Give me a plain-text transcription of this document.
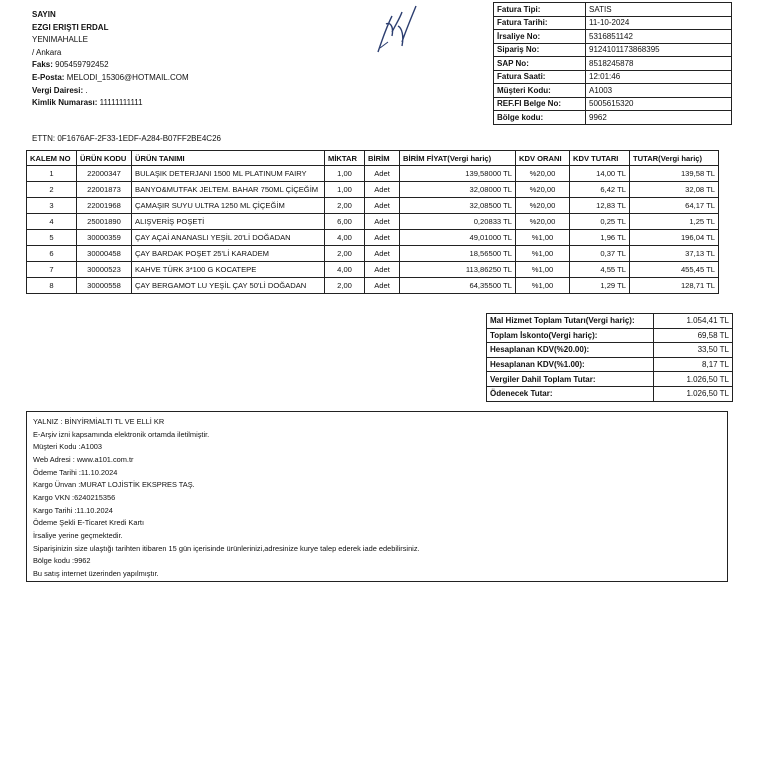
SAYIN
EZGI ERIŞTI ERDAL
YENIMAHALLE
/ Ankara
Faks: 905459792452
E-Posta: MELODI_15306@HOTMAIL.COM
Vergi Dairesi: .
Kimlik Numarası: 11111111111
Fatura Tipi:	SATIS
Fatura Tarihi:	11-10-2024
İrsaliye No:	5316851142
Sipariş No:	9124101173868395
SAP No:	8518245878
Fatura Saati:	12:01:46
Müşteri Kodu:	A1003
REF.FI Belge No:	5005615320
Bölge kodu:	9962
ETTN: 0F1676AF-2F33-1EDF-A284-B07FF2BE4C26
KALEM NO	ÜRÜN KODU	ÜRÜN TANIMI	MİKTAR	BİRİM	BİRİM FİYAT(Vergi hariç)	KDV ORANI	KDV TUTARI	TUTAR(Vergi hariç)
1	22000347	BULAŞIK DETERJANI 1500 ML PLATINUM FAIRY	1,00	Adet	139,58000 TL	%20,00	14,00 TL	139,58 TL
2	22001873	BANYO&MUTFAK JELTEM. BAHAR 750ML ÇİÇEĞİM	1,00	Adet	32,08000 TL	%20,00	6,42 TL	32,08 TL
3	22001968	ÇAMAŞIR SUYU ULTRA 1250 ML ÇİÇEĞİM	2,00	Adet	32,08500 TL	%20,00	12,83 TL	64,17 TL
4	25001890	ALIŞVERİŞ POŞETİ	6,00	Adet	0,20833 TL	%20,00	0,25 TL	1,25 TL
5	30000359	ÇAY AÇAİ ANANASLI YEŞİL 20'Lİ DOĞADAN	4,00	Adet	49,01000 TL	%1,00	1,96 TL	196,04 TL
6	30000458	ÇAY BARDAK POŞET 25'Lİ KARADEM	2,00	Adet	18,56500 TL	%1,00	0,37 TL	37,13 TL
7	30000523	KAHVE TÜRK 3*100 G KOCATEPE	4,00	Adet	113,86250 TL	%1,00	4,55 TL	455,45 TL
8	30000558	ÇAY BERGAMOT LU YEŞİL ÇAY 50'Lİ DOĞADAN	2,00	Adet	64,35500 TL	%1,00	1,29 TL	128,71 TL
Mal Hizmet Toplam Tutarı(Vergi hariç):	1.054,41 TL
Toplam İskonto(Vergi hariç):	69,58 TL
Hesaplanan KDV(%20.00):	33,50 TL
Hesaplanan KDV(%1.00):	8,17 TL
Vergiler Dahil Toplam Tutar:	1.026,50 TL
Ödenecek Tutar:	1.026,50 TL
YALNIZ : BİNYİRMİALTI TL VE ELLİ KR
E-Arşiv izni kapsamında elektronik ortamda iletilmiştir.
Müşteri Kodu :A1003
Web Adresi : www.a101.com.tr
Ödeme Tarihi :11.10.2024
Kargo Ünvan :MURAT LOJİSTİK EKSPRES TAŞ.
Kargo VKN :6240215356
Kargo Tarihi :11.10.2024
Ödeme Şekli E-Ticaret Kredi Kartı
İrsaliye yerine geçmektedir.
Siparişinizin size ulaştığı tarihten itibaren 15 gün içerisinde ürünlerinizi,adresinize kurye talep ederek iade edebilirsiniz.
Bölge kodu :9962
Bu satış internet üzerinden yapılmıştır.
